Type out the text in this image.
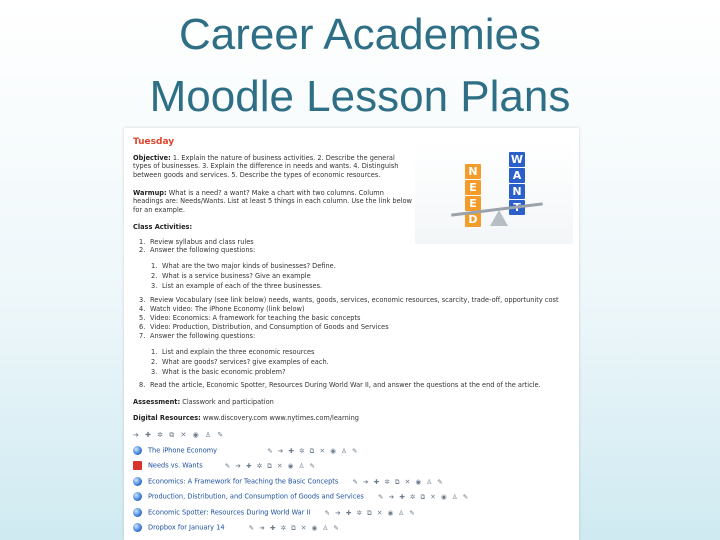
Career Academies
Moodle Lesson Plans
Tuesday
Objective: 1. Explain the nature of business activities. 2. Describe the general types of businesses. 3. Explain the difference in needs and wants. 4. Distinguish between goods and services. 5. Describe the types of economic resources.
Warmup: What is a need? a want? Make a chart with two columns. Column headings are: Needs/Wants. List at least 5 things in each column. Use the link below for an example.
N
E
E
D
W
A
N
Class Activities:
1. Review syllabus and class rules
2. Answer the following questions:
1. What are the two major kinds of businesses? Define.
2. What is a service business? Give an example
3. List an example of each of the three businesses.
3. Review Vocabulary (see link below) needs, wants, goods, services, economic resources, scarcity, trade-off, opportunity cost
4. Watch video: The iPhone Economy (link below)
5. Video: Economics: A framework for teaching the basic concepts
6. Video: Production, Distribution, and Consumption of Goods and Services
7. Answer the following questions:
1. List and explain the three economic resources
2. What are goods? services? give examples of each.
3. What is the basic economic problem?
8. Read the article, Economic Spotter, Resources During World War II, and answer the questions at the end of the article.
Assessment: Classwork and participation
Digital Resources: www.discovery.com www.nytimes.com/learning
➔ ✚ ✲ ⧉ ✕ ◉ ♙ ✎
The iPhone Economy	✎ ➔ ✚ ✲ ⧉ ✕ ◉ ♙ ✎
Needs vs. Wants	✎ ➔ ✚ ✲ ⧉ ✕ ◉ ♙ ✎
Economics: A Framework for Teaching the Basic Concepts ✎ ➔ ✚ ✲ ⧉ ✕ ◉ ♙ ✎
Production, Distribution, and Consumption of Goods and Services ✎ ➔ ✚ ✲ ⧉ ✕ ◉ ♙ ✎
Economic Spotter: Resources During World War II ✎ ➔ ✚ ✲ ⧉ ✕ ◉ ♙ ✎
Dropbox for January 14	✎ ➔ ✚ ✲ ⧉ ✕ ◉ ♙ ✎
